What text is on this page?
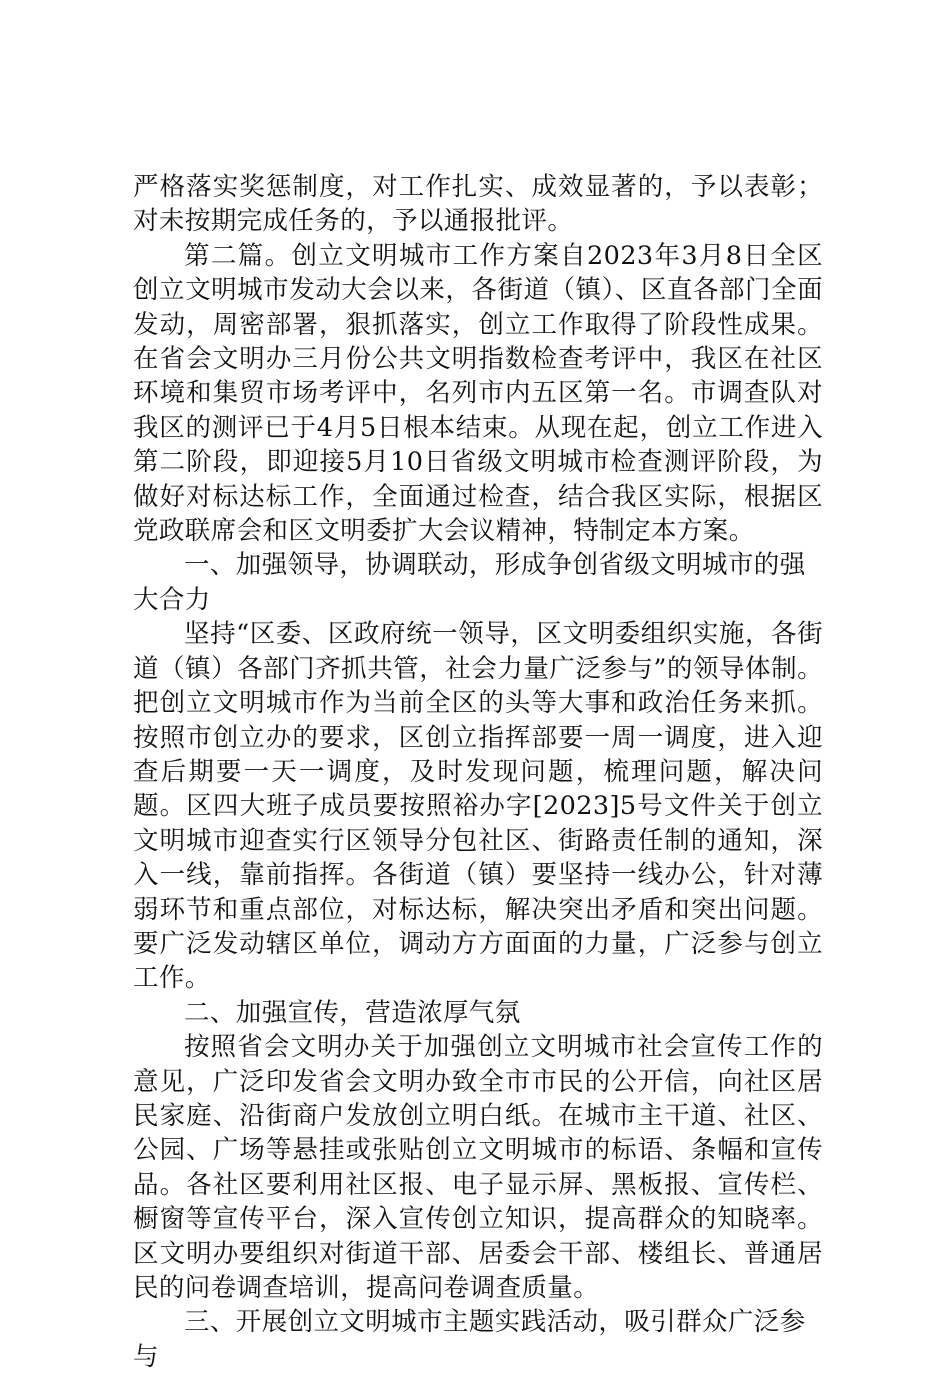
严格落实奖惩制度，对工作扎实、成效显著的，予以表彰；对未按期完成任务的，予以通报批评。

第二篇。创立文明城市工作方案自2023年3月8日全区创立文明城市发动大会以来，各街道（镇）、区直各部门全面发动，周密部署，狠抓落实，创立工作取得了阶段性成果。在省会文明办三月份公共文明指数检查考评中，我区在社区环境和集贸市场考评中，名列市内五区第一名。市调查队对我区的测评已于4月5日根本结束。从现在起，创立工作进入第二阶段，即迎接5月10日省级文明城市检查测评阶段，为做好对标达标工作，全面通过检查，结合我区实际，根据区党政联席会和区文明委扩大会议精神，特制定本方案。

一、加强领导，协调联动，形成争创省级文明城市的强大合力

坚持“区委、区政府统一领导，区文明委组织实施，各街道（镇）各部门齐抓共管，社会力量广泛参与”的领导体制。把创立文明城市作为当前全区的头等大事和政治任务来抓。按照市创立办的要求，区创立指挥部要一周一调度，进入迎查后期要一天一调度，及时发现问题，梳理问题，解决问题。区四大班子成员要按照裕办字[2023]5号文件关于创立文明城市迎查实行区领导分包社区、街路责任制的通知，深入一线，靠前指挥。各街道（镇）要坚持一线办公，针对薄弱环节和重点部位，对标达标，解决突出矛盾和突出问题。要广泛发动辖区单位，调动方方面面的力量，广泛参与创立工作。

二、加强宣传，营造浓厚气氛

按照省会文明办关于加强创立文明城市社会宣传工作的意见，广泛印发省会文明办致全市市民的公开信，向社区居民家庭、沿街商户发放创立明白纸。在城市主干道、社区、公园、广场等悬挂或张贴创立文明城市的标语、条幅和宣传品。各社区要利用社区报、电子显示屏、黑板报、宣传栏、橱窗等宣传平台，深入宣传创立知识，提高群众的知晓率。区文明办要组织对街道干部、居委会干部、楼组长、普通居民的问卷调查培训，提高问卷调查质量。

三、开展创立文明城市主题实践活动，吸引群众广泛参与
